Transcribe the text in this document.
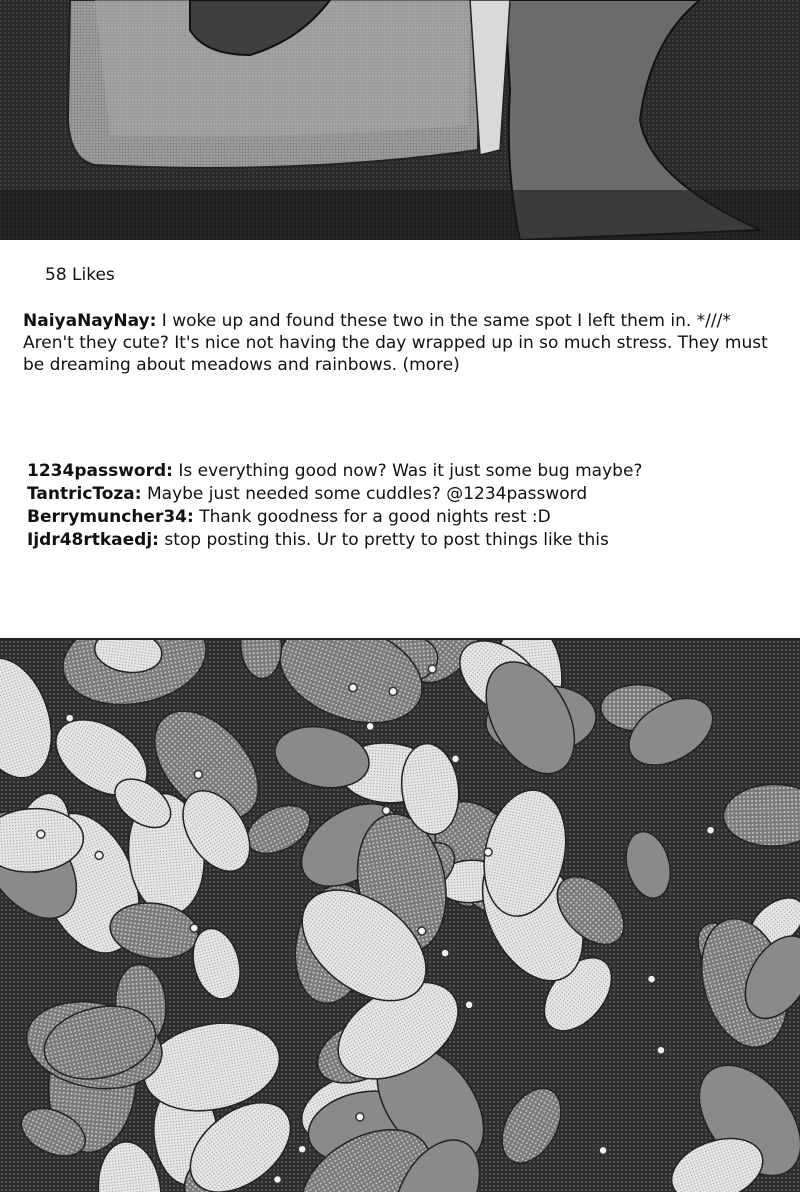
58 Likes
NaiyaNayNay: I woke up and found these two in the same spot I left them in. *///* Aren't they cute? It's nice not having the day wrapped up in so much stress. They must be dreaming about meadows and rainbows. (more)
1234password: Is everything good now? Was it just some bug maybe?
TantricToza: Maybe just needed some cuddles? @1234password
Berrymuncher34: Thank goodness for a good nights rest :D
Ijdr48rtkaedj: stop posting this. Ur to pretty to post things like this
